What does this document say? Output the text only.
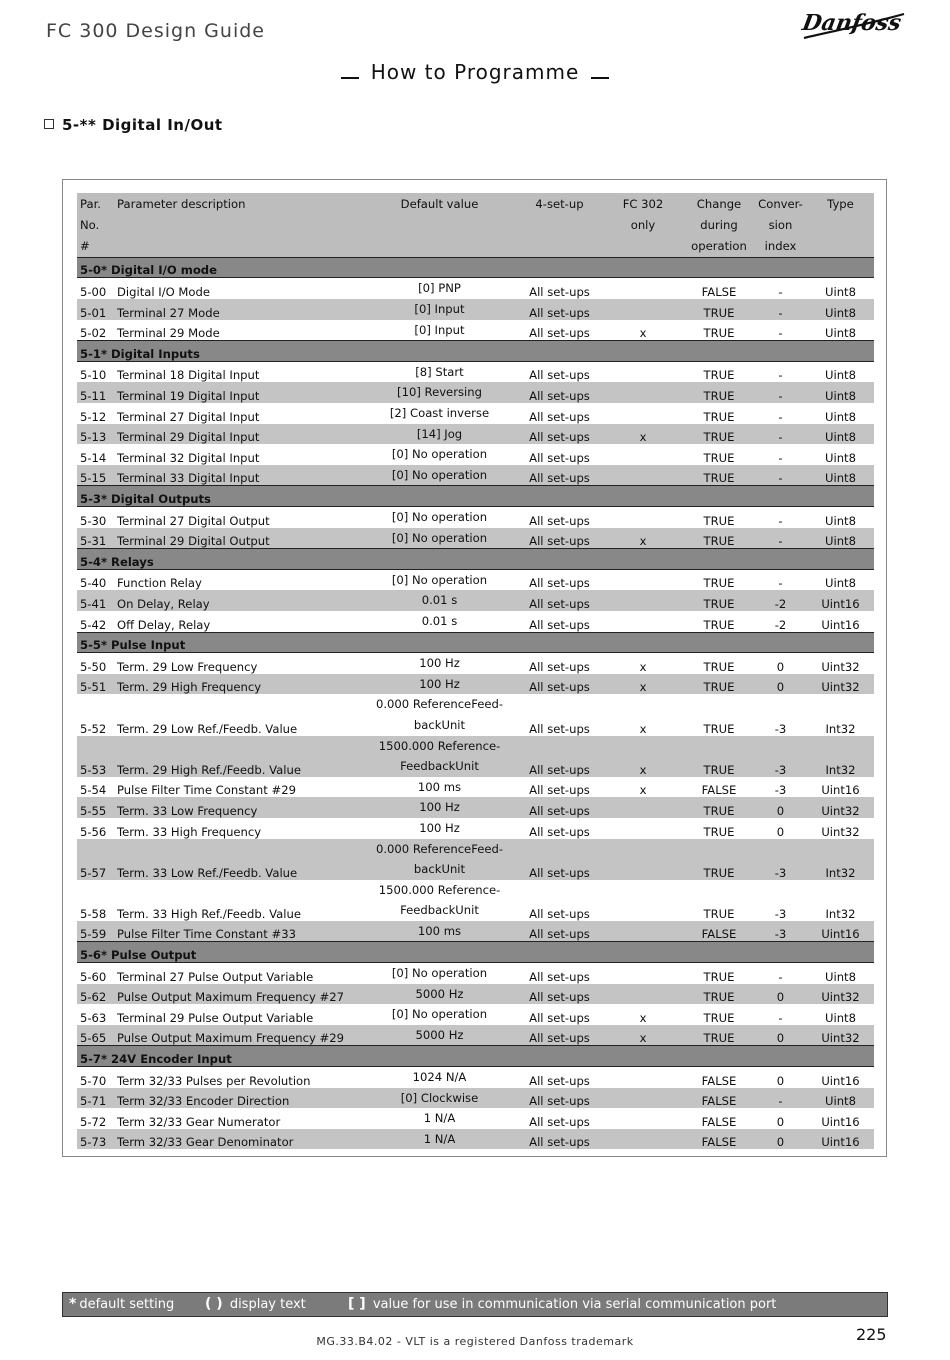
FC 300 Design Guide	Danfoss
How to Programme
5-** Digital In/Out
Par.	Parameter description	Default value	4-set-up	FC 302	Change	Conver-	Type
No.				only	during	sion	
#					operation	index	
5-0* Digital I/O mode							
5-00	Digital I/O Mode	[0] PNP	All set-ups		FALSE	-	Uint8
5-01	Terminal 27 Mode	[0] Input	All set-ups		TRUE	-	Uint8
5-02	Terminal 29 Mode	[0] Input	All set-ups	x	TRUE	-	Uint8
5-1* Digital Inputs							
5-10	Terminal 18 Digital Input	[8] Start	All set-ups		TRUE	-	Uint8
5-11	Terminal 19 Digital Input	[10] Reversing	All set-ups		TRUE	-	Uint8
5-12	Terminal 27 Digital Input	[2] Coast inverse	All set-ups		TRUE	-	Uint8
5-13	Terminal 29 Digital Input	[14] Jog	All set-ups	x	TRUE	-	Uint8
5-14	Terminal 32 Digital Input	[0] No operation	All set-ups		TRUE	-	Uint8
5-15	Terminal 33 Digital Input	[0] No operation	All set-ups		TRUE	-	Uint8
5-3* Digital Outputs							
5-30	Terminal 27 Digital Output	[0] No operation	All set-ups		TRUE	-	Uint8
5-31	Terminal 29 Digital Output	[0] No operation	All set-ups	x	TRUE	-	Uint8
5-4* Relays							
5-40	Function Relay	[0] No operation	All set-ups		TRUE	-	Uint8
5-41	On Delay, Relay	0.01 s	All set-ups		TRUE	-2	Uint16
5-42	Off Delay, Relay	0.01 s	All set-ups		TRUE	-2	Uint16
5-5* Pulse Input							
5-50	Term. 29 Low Frequency	100 Hz	All set-ups	x	TRUE	0	Uint32
5-51	Term. 29 High Frequency	100 Hz	All set-ups	x	TRUE	0	Uint32
5-52	Term. 29 Low Ref./Feedb. Value	0.000 ReferenceFeed-
backUnit	All set-ups	x	TRUE	-3	Int32
5-53	Term. 29 High Ref./Feedb. Value	1500.000 Reference-
FeedbackUnit	All set-ups	x	TRUE	-3	Int32
5-54	Pulse Filter Time Constant #29	100 ms	All set-ups	x	FALSE	-3	Uint16
5-55	Term. 33 Low Frequency	100 Hz	All set-ups		TRUE	0	Uint32
5-56	Term. 33 High Frequency	100 Hz	All set-ups		TRUE	0	Uint32
5-57	Term. 33 Low Ref./Feedb. Value	0.000 ReferenceFeed-
backUnit	All set-ups		TRUE	-3	Int32
5-58	Term. 33 High Ref./Feedb. Value	1500.000 Reference-
FeedbackUnit	All set-ups		TRUE	-3	Int32
5-59	Pulse Filter Time Constant #33	100 ms	All set-ups		FALSE	-3	Uint16
5-6* Pulse Output							
5-60	Terminal 27 Pulse Output Variable	[0] No operation	All set-ups		TRUE	-	Uint8
5-62	Pulse Output Maximum Frequency #27	5000 Hz	All set-ups		TRUE	0	Uint32
5-63	Terminal 29 Pulse Output Variable	[0] No operation	All set-ups	x	TRUE	-	Uint8
5-65	Pulse Output Maximum Frequency #29	5000 Hz	All set-ups	x	TRUE	0	Uint32
5-7* 24V Encoder Input							
5-70	Term 32/33 Pulses per Revolution	1024 N/A	All set-ups		FALSE	0	Uint16
5-71	Term 32/33 Encoder Direction	[0] Clockwise	All set-ups		FALSE	-	Uint8
5-72	Term 32/33 Gear Numerator	1 N/A	All set-ups		FALSE	0	Uint16
5-73	Term 32/33 Gear Denominator	1 N/A	All set-ups		FALSE	0	Uint16
* default setting ( ) display text	[ ] value for use in communication via serial communication port
MG.33.B4.02 - VLT is a registered Danfoss trademark	225
